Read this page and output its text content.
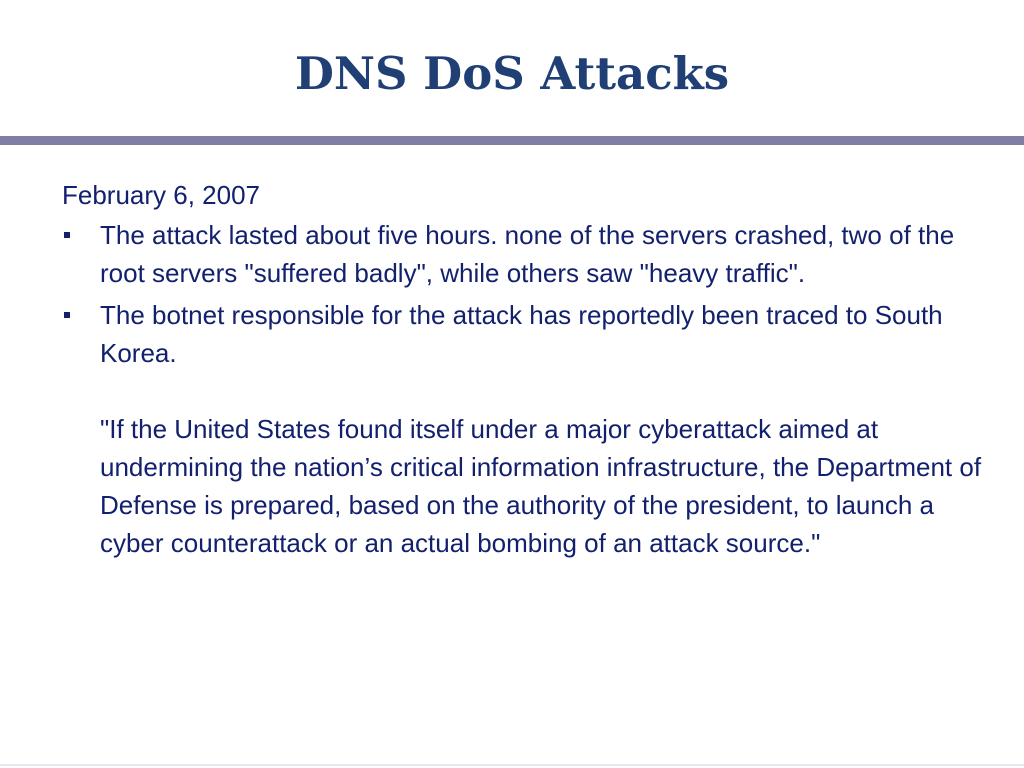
DNS DoS Attacks
February 6, 2007
The attack lasted about five hours. none of the servers crashed, two of the root servers "suffered badly", while others saw "heavy traffic".
The botnet responsible for the attack has reportedly been traced to South Korea.
"If the United States found itself under a major cyberattack aimed at undermining the nation’s critical information infrastructure, the Department of Defense is prepared, based on the authority of the president, to launch a cyber counterattack or an actual bombing of an attack source."
